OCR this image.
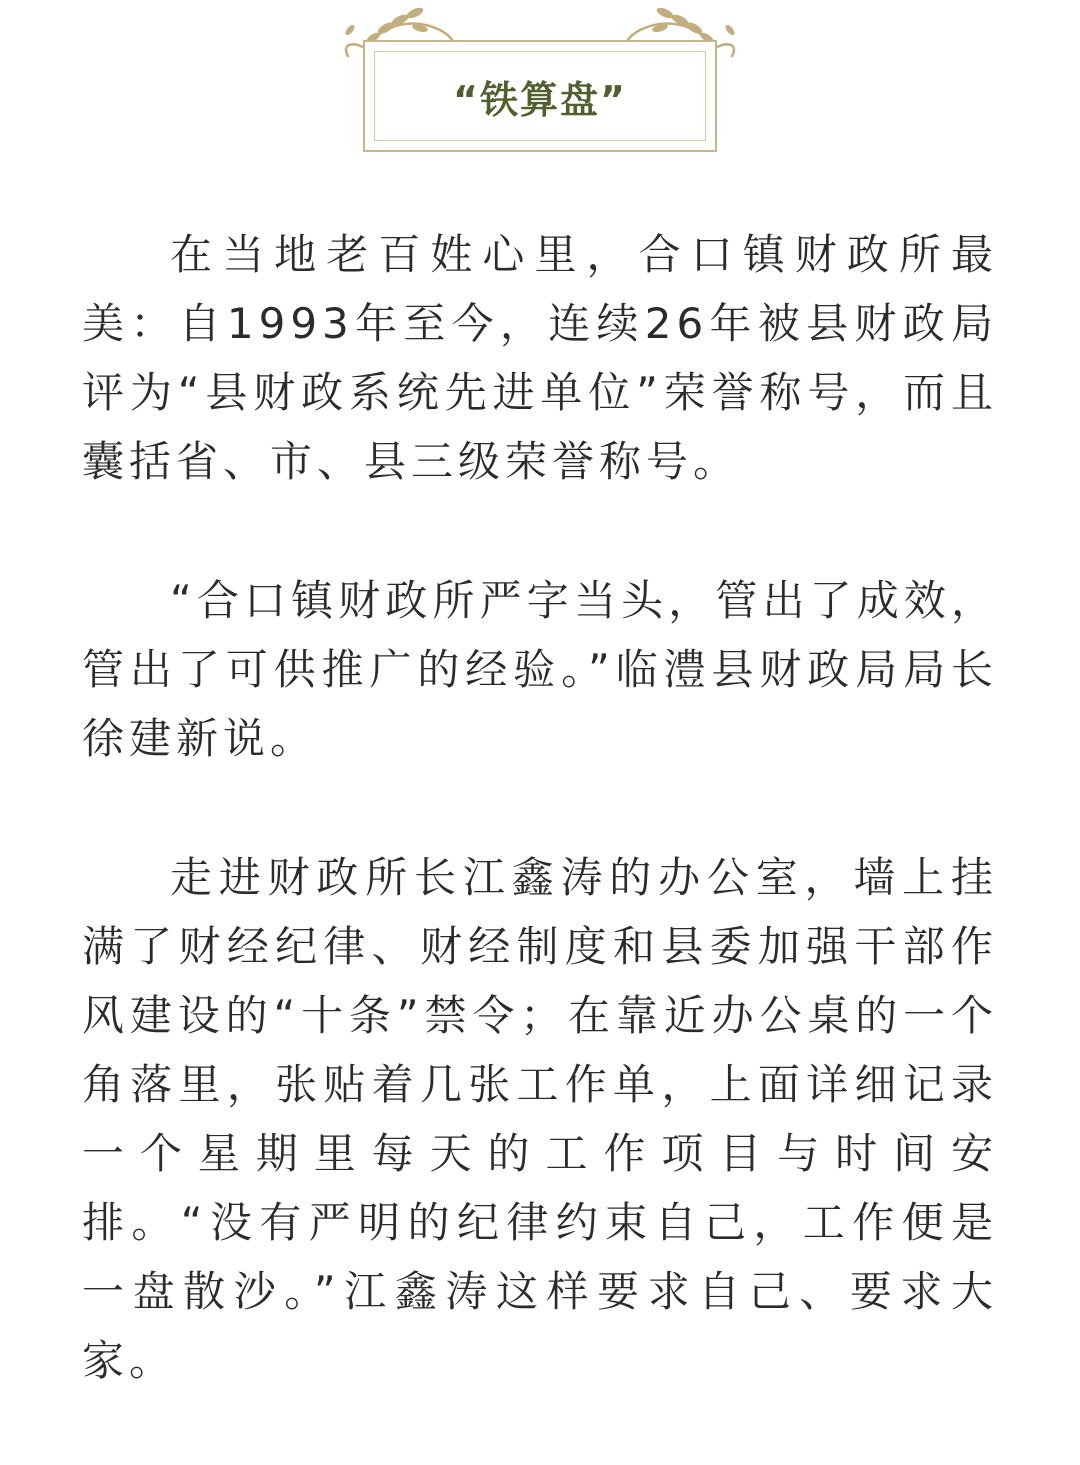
“铁算盘”

在当地老百姓心里，合口镇财政所最美：自1993年至今，连续26年被县财政局评为“县财政系统先进单位”荣誉称号，而且囊括省、市、县三级荣誉称号。

“合口镇财政所严字当头，管出了成效，管出了可供推广的经验。”临澧县财政局局长徐建新说。

走进财政所长江鑫涛的办公室，墙上挂满了财经纪律、财经制度和县委加强干部作风建设的“十条”禁令；在靠近办公桌的一个角落里，张贴着几张工作单，上面详细记录一个星期里每天的工作项目与时间安排。“没有严明的纪律约束自己，工作便是一盘散沙。”江鑫涛这样要求自己、要求大家。
